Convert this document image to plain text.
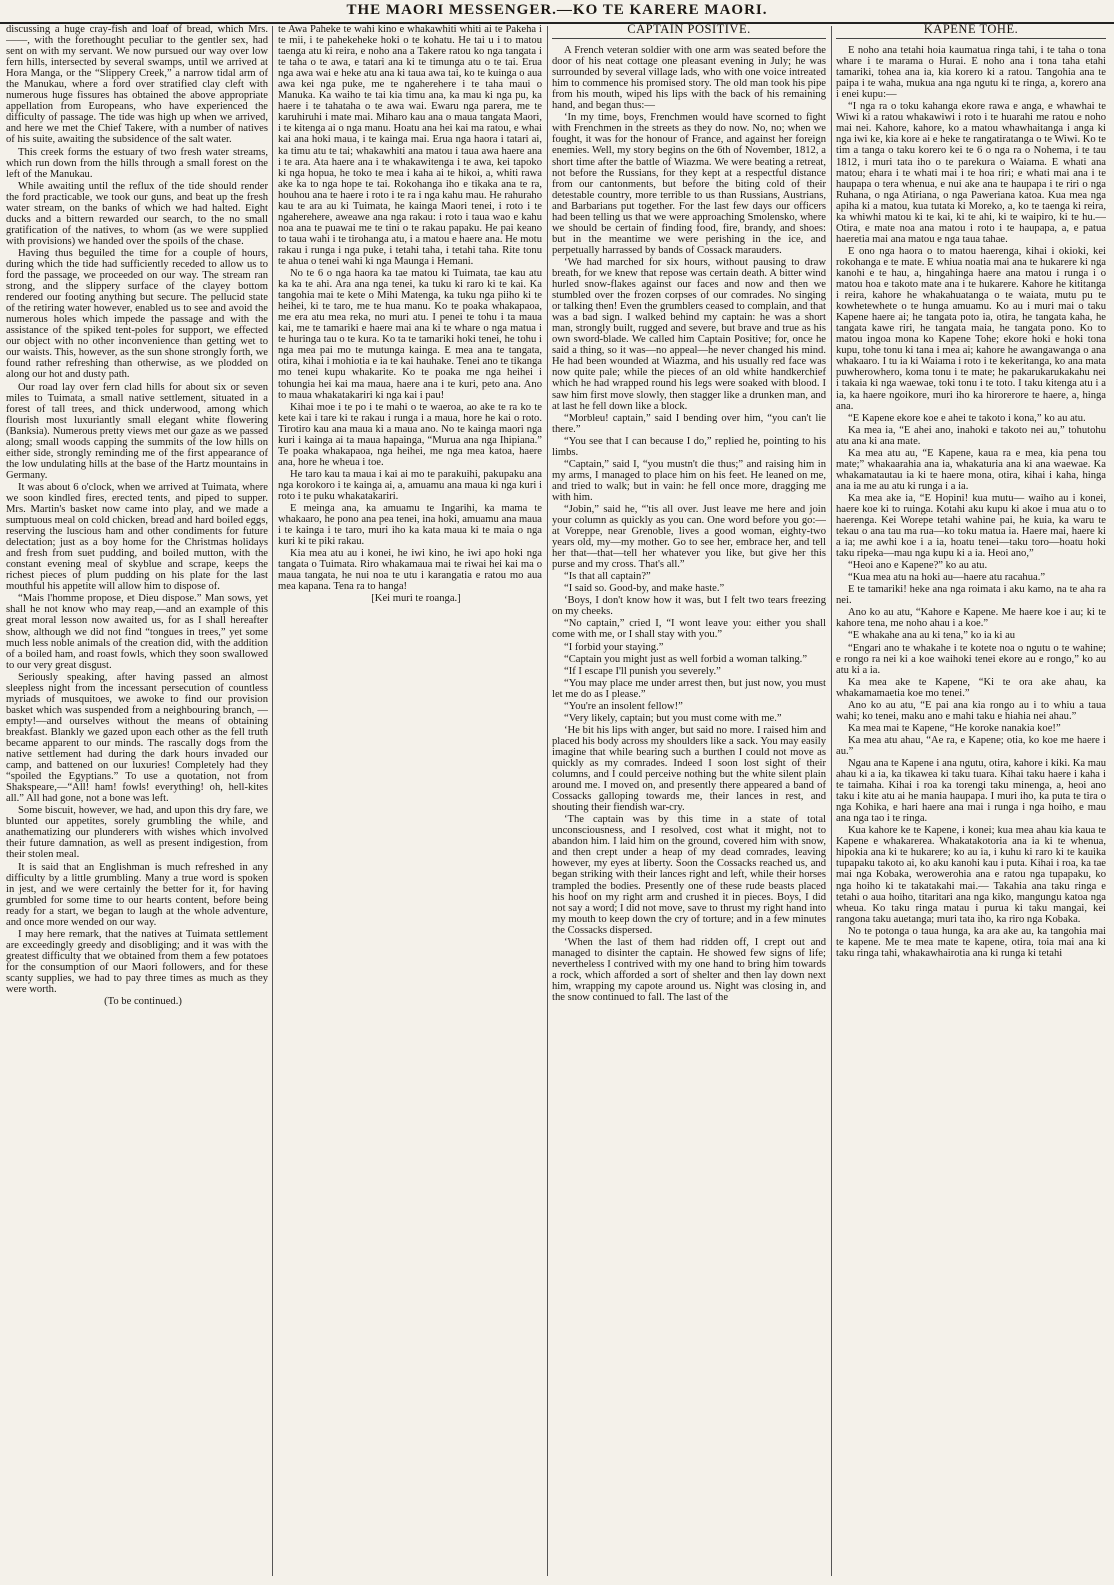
THE MAORI MESSENGER.—KO TE KARERE MAORI.

discussing a huge cray-fish and loaf of bread, which Mrs.——, with the forethought peculiar to the gentler sex, had sent on with my servant. We now pursued our way over low fern hills, intersected by several swamps, until we arrived at Hora Manga, or the “Slippery Creek,” a narrow tidal arm of the Manukau, where a ford over stratified clay cleft with numerous huge fissures has obtained the above appropriate appellation from Europeans, who have experienced the difficulty of passage. The tide was high up when we arrived, and here we met the Chief Takere, with a number of natives of his suite, awaiting the subsidence of the salt water.

This creek forms the estuary of two fresh water streams, which run down from the hills through a small forest on the left of the Manukau.

While awaiting until the reflux of the tide should render the ford practicable, we took our guns, and beat up the fresh water stream, on the banks of which we had halted. Eight ducks and a bittern rewarded our search, to the no small gratification of the natives, to whom (as we were supplied with provisions) we handed over the spoils of the chase.

Having thus beguiled the time for a couple of hours, during which the tide had sufficiently receded to allow us to ford the passage, we proceeded on our way. The stream ran strong, and the slippery surface of the clayey bottom rendered our footing anything but secure. The pellucid state of the retiring water however, enabled us to see and avoid the numerous holes which impede the passage and with the assistance of the spiked tent-poles for support, we effected our object with no other inconvenience than getting wet to our waists. This, however, as the sun shone strongly forth, we found rather refreshing than otherwise, as we plodded on along our hot and dusty path.

Our road lay over fern clad hills for about six or seven miles to Tuimata, a small native settlement, situated in a forest of tall trees, and thick underwood, among which flourish most luxuriantly small elegant white flowering (Banksia). Numerous pretty views met our gaze as we passed along; small woods capping the summits of the low hills on either side, strongly reminding me of the first appearance of the low undulating hills at the base of the Hartz mountains in Germany.

It was about 6 o'clock, when we arrived at Tuimata, where we soon kindled fires, erected tents, and piped to supper. Mrs. Martin's basket now came into play, and we made a sumptuous meal on cold chicken, bread and hard boiled eggs, reserving the luscious ham and other condiments for future delectation; just as a boy home for the Christmas holidays and fresh from suet pudding, and boiled mutton, with the constant evening meal of skyblue and scrape, keeps the richest pieces of plum pudding on his plate for the last mouthful his appetite will allow him to dispose of.

“Mais l'homme propose, et Dieu dispose.” Man sows, yet shall he not know who may reap,—and an example of this great moral lesson now awaited us, for as I shall hereafter show, although we did not find “tongues in trees,” yet some much less noble animals of the creation did, with the addition of a boiled ham, and roast fowls, which they soon swallowed to our very great disgust.

Seriously speaking, after having passed an almost sleepless night from the incessant persecution of countless myriads of musquitoes, we awoke to find our provision basket which was suspended from a neighbouring branch, —empty!—and ourselves without the means of obtaining breakfast. Blankly we gazed upon each other as the fell truth became apparent to our minds. The rascally dogs from the native settlement had during the dark hours invaded our camp, and battened on our luxuries! Completely had they “spoiled the Egyptians.” To use a quotation, not from Shakspeare,—“All! ham! fowls! everything! oh, hell-kites all.” All had gone, not a bone was left.

Some biscuit, however, we had, and upon this dry fare, we blunted our appetites, sorely grumbling the while, and anathematizing our plunderers with wishes which involved their future damnation, as well as present indigestion, from their stolen meal.

It is said that an Englishman is much refreshed in any difficulty by a little grumbling. Many a true word is spoken in jest, and we were certainly the better for it, for having grumbled for some time to our hearts content, before being ready for a start, we began to laugh at the whole adventure, and once more wended on our way.

I may here remark, that the natives at Tuimata settlement are exceedingly greedy and disobliging; and it was with the greatest difficulty that we obtained from them a few potatoes for the consumption of our Maori followers, and for these scanty supplies, we had to pay three times as much as they were worth.

(To be continued.)

te Awa Paheke te wahi kino e whakawhiti whiti ai te Pakeha i te mii, i te pahekeheke hoki o te kohatu. He tai u i to matou taenga atu ki reira, e noho ana a Takere ratou ko nga tangata i te taha o te awa, e tatari ana ki te timunga atu o te tai. Erua nga awa wai e heke atu ana ki taua awa tai, ko te kuinga o aua awa kei nga puke, me te ngaherehere i te taha maui o Manuka. Ka waiho te tai kia timu ana, ka mau ki nga pu, ka haere i te tahataha o te awa wai. Ewaru nga parera, me te karuhiruhi i mate mai. Miharo kau ana o maua tangata Maori, i te kitenga ai o nga manu. Hoatu ana hei kai ma ratou, e whai kai ana hoki maua, i te kainga mai. Erua nga haora i tatari ai, ka timu atu te tai; whakawhiti ana matou i taua awa haere ana i te ara. Ata haere ana i te whakawitenga i te awa, kei tapoko ki nga hopua, he toko te mea i kaha ai te hikoi, a, whiti rawa ake ka to nga hope te tai. Rokohanga iho e tikaka ana te ra, houhou ana te haere i roto i te ra i nga kahu mau. He rahuraho kau te ara au ki Tuimata, he kainga Maori tenei, i roto i te ngaherehere, aweawe ana nga rakau: i roto i taua wao e kahu noa ana te puawai me te tini o te rakau papaku. He pai keano to taua wahi i te tirohanga atu, i a matou e haere ana. He motu rakau i runga i nga puke, i tetahi taha, i tetahi taha. Rite tonu te ahua o tenei wahi ki nga Maunga i Hemani.

No te 6 o nga haora ka tae matou ki Tuimata, tae kau atu ka ka te ahi. Ara ana nga tenei, ka tuku ki raro ki te kai. Ka tangohia mai te kete o Mihi Matenga, ka tuku nga piiho ki te heihei, ki te taro, me te hua manu. Ko te poaka whakapaoa, me era atu mea reka, no muri atu. I penei te tohu i ta maua kai, me te tamariki e haere mai ana ki te whare o nga matua i te huringa tau o te kura. Ko ta te tamariki hoki tenei, he tohu i nga mea pai mo te mutunga kainga. E mea ana te tangata, otira, kihai i mohiotia e ia te kai hauhake. Tenei ano te tikanga mo tenei kupu whakarite. Ko te poaka me nga heihei i tohungia hei kai ma maua, haere ana i te kuri, peto ana. Ano to maua whakatakariri ki nga kai i pau!

Kihai moe i te po i te mahi o te waeroa, ao ake te ra ko te kete kai i tare ki te rakau i runga i a maua, hore he kai o roto. Tirotiro kau ana maua ki a maua ano. No te kainga maori nga kuri i kainga ai ta maua hapainga, “Murua ana nga Ihipiana.” Te poaka whakapaoa, nga heihei, me nga mea katoa, haere ana, hore he wheua i toe.

He taro kau ta maua i kai ai mo te parakuihi, pakupaku ana nga korokoro i te kainga ai, a, amuamu ana maua ki nga kuri i roto i te puku whakatakariri.

E meinga ana, ka amuamu te Ingarihi, ka mama te whakaaro, he pono ana pea tenei, ina hoki, amuamu ana maua i te kainga i te taro, muri iho ka kata maua ki te maia o nga kuri ki te piki rakau.

Kia mea atu au i konei, he iwi kino, he iwi apo hoki nga tangata o Tuimata. Riro whakamaua mai te riwai hei kai ma o maua tangata, he nui noa te utu i karangatia e ratou mo aua mea kapana. Tena ra to hanga!

[Kei muri te roanga.]

CAPTAIN POSITIVE.

A French veteran soldier with one arm was seated before the door of his neat cottage one pleasant evening in July; he was surrounded by several village lads, who with one voice intreated him to commence his promised story. The old man took his pipe from his mouth, wiped his lips with the back of his remaining hand, and began thus:—

‘In my time, boys, Frenchmen would have scorned to fight with Frenchmen in the streets as they do now. No, no; when we fought, it was for the honour of France, and against her foreign enemies. Well, my story begins on the 6th of November, 1812, a short time after the battle of Wiazma. We were beating a retreat, not before the Russians, for they kept at a respectful distance from our cantonments, but before the biting cold of their detestable country, more terrible to us than Russians, Austrians, and Barbarians put together. For the last few days our officers had been telling us that we were approaching Smolensko, where we should be certain of finding food, fire, brandy, and shoes: but in the meantime we were perishing in the ice, and perpetually harrassed by bands of Cossack marauders.

‘We had marched for six hours, without pausing to draw breath, for we knew that repose was certain death. A bitter wind hurled snow-flakes against our faces and now and then we stumbled over the frozen corpses of our comrades. No singing or talking then! Even the grumblers ceased to complain, and that was a bad sign. I walked behind my captain: he was a short man, strongly built, rugged and severe, but brave and true as his own sword-blade. We called him Captain Positive; for, once he said a thing, so it was—no appeal—he never changed his mind. He had been wounded at Wiazma, and his usually red face was now quite pale; while the pieces of an old white handkerchief which he had wrapped round his legs were soaked with blood. I saw him first move slowly, then stagger like a drunken man, and at last he fell down like a block.

“Morbleu! captain,” said I bending over him, “you can't lie there.”

“You see that I can because I do,” replied he, pointing to his limbs.

“Captain,” said I, “you mustn't die thus;” and raising him in my arms, I managed to place him on his feet. He leaned on me, and tried to walk; but in vain: he fell once more, dragging me with him.

“Jobin,” said he, “'tis all over. Just leave me here and join your column as quickly as you can. One word before you go:—at Voreppe, near Grenoble, lives a good woman, eighty-two years old, my—my mother. Go to see her, embrace her, and tell her that—that—tell her whatever you like, but give her this purse and my cross. That's all.”

“Is that all captain?”

“I said so. Good-by, and make haste.”

‘Boys, I don't know how it was, but I felt two tears freezing on my cheeks.

“No captain,” cried I, “I wont leave you: either you shall come with me, or I shall stay with you.”

“I forbid your staying.”

“Captain you might just as well forbid a woman talking.”

“If I escape I'll punish you severely.”

“You may place me under arrest then, but just now, you must let me do as I please.”

“You're an insolent fellow!”

“Very likely, captain; but you must come with me.”

‘He bit his lips with anger, but said no more. I raised him and placed his body across my shoulders like a sack. You may easily imagine that while bearing such a burthen I could not move as quickly as my comrades. Indeed I soon lost sight of their columns, and I could perceive nothing but the white silent plain around me. I moved on, and presently there appeared a band of Cossacks galloping towards me, their lances in rest, and shouting their fiendish war-cry.

‘The captain was by this time in a state of total unconsciousness, and I resolved, cost what it might, not to abandon him. I laid him on the ground, covered him with snow, and then crept under a heap of my dead comrades, leaving however, my eyes at liberty. Soon the Cossacks reached us, and began striking with their lances right and left, while their horses trampled the bodies. Presently one of these rude beasts placed his hoof on my right arm and crushed it in pieces. Boys, I did not say a word; I did not move, save to thrust my right hand into my mouth to keep down the cry of torture; and in a few minutes the Cossacks dispersed.

‘When the last of them had ridden off, I crept out and managed to disinter the captain. He showed few signs of life; nevertheless I contrived with my one hand to bring him towards a rock, which afforded a sort of shelter and then lay down next him, wrapping my capote around us. Night was closing in, and the snow continued to fall. The last of the

KAPENE TOHE.

E noho ana tetahi hoia kaumatua ringa tahi, i te taha o tona whare i te marama o Hurai. E noho ana i tona taha etahi tamariki, tohea ana ia, kia korero ki a ratou. Tangohia ana te paipa i te waha, mukua ana nga ngutu ki te ringa, a, korero ana i enei kupu:—

“I nga ra o toku kahanga ekore rawa e anga, e whawhai te Wiwi ki a ratou whakawiwi i roto i te huarahi me ratou e noho mai nei. Kahore, kahore, ko a matou whawhaitanga i anga ki nga iwi ke, kia kore ai e heke te rangatiratanga o te Wiwi. Ko te tim a tanga o taku korero kei te 6 o nga ra o Nohema, i te tau 1812, i muri tata iho o te parekura o Waiama. E whati ana matou; ehara i te whati mai i te hoa riri; e whati mai ana i te haupapa o tera whenua, e nui ake ana te haupapa i te riri o nga Ruhana, o nga Atiriana, o nga Paweriana katoa. Kua mea nga apiha ki a matou, kua tutata ki Moreko, a, ko te taenga ki reira, ka whiwhi matou ki te kai, ki te ahi, ki te waipiro, ki te hu.— Otira, e mate noa ana matou i roto i te haupapa, a, e patua haeretia mai ana matou e nga taua tahae.

E ono nga haora o to matou haerenga, kihai i okioki, kei rokohanga e te mate. E whiua noatia mai ana te hukarere ki nga kanohi e te hau, a, hingahinga haere ana matou i runga i o matou hoa e takoto mate ana i te hukarere. Kahore he kititanga i reira, kahore he whakahuatanga o te waiata, mutu pu te kowhetewhete o te hunga amuamu. Ko au i muri mai o taku Kapene haere ai; he tangata poto ia, otira, he tangata kaha, he tangata kawe riri, he tangata maia, he tangata pono. Ko to matou ingoa mona ko Kapene Tohe; ekore hoki e hoki tona kupu, tohe tonu ki tana i mea ai; kahore he awangawanga o ana whakaaro. I tu ia ki Waiama i roto i te kekeritanga, ko ana mata puwherowhero, koma tonu i te mate; he pakarukarukakahu nei i takaia ki nga waewae, toki tonu i te toto. I taku kitenga atu i a ia, ka haere ngoikore, muri iho ka hirorerore te haere, a, hinga ana.

“E Kapene ekore koe e ahei te takoto i kona,” ko au atu.

Ka mea ia, “E ahei ano, inahoki e takoto nei au,” tohutohu atu ana ki ana mate.

Ka mea atu au, “E Kapene, kaua ra e mea, kia pena tou mate;” whakaarahia ana ia, whakaturia ana ki ana waewae. Ka whakamatautau ia ki te haere mona, otira, kihai i kaha, hinga ana ia me au atu ki runga i a ia.

Ka mea ake ia, “E Hopini! kua mutu— waiho au i konei, haere koe ki to ruinga. Kotahi aku kupu ki akoe i mua atu o to haerenga. Kei Worepe tetahi wahine pai, he kuia, ka waru te tekau o ana tau ma rua—ko toku matua ia. Haere mai, haere ki a ia; me awhi koe i a ia, hoatu tenei—taku toro—hoatu hoki taku ripeka—mau nga kupu ki a ia. Heoi ano,”

“Heoi ano e Kapene?” ko au atu.

“Kua mea atu na hoki au—haere atu racahua.”

E te tamariki! heke ana nga roimata i aku kamo, na te aha ra nei.

Ano ko au atu, “Kahore e Kapene. Me haere koe i au; ki te kahore tena, me noho ahau i a koe.”

“E whakahe ana au ki tena,” ko ia ki au

“Engari ano te whakahe i te kotete noa o ngutu o te wahine; e rongo ra nei ki a koe waihoki tenei ekore au e rongo,” ko au atu ki a ia.

Ka mea ake te Kapene, “Ki te ora ake ahau, ka whakamamaetia koe mo tenei.”

Ano ko au atu, “E pai ana kia rongo au i to whiu a taua wahi; ko tenei, maku ano e mahi taku e hiahia nei ahau.”

Ka mea mai te Kapene, “He koroke nanakia koe!”

Ka mea atu ahau, “Ae ra, e Kapene; otia, ko koe me haere i au.”

Ngau ana te Kapene i ana ngutu, otira, kahore i kiki. Ka mau ahau ki a ia, ka tikawea ki taku tuara. Kihai taku haere i kaha i te taimaha. Kihai i roa ka torengi taku minenga, a, heoi ano taku i kite atu ai he mania haupapa. I muri iho, ka puta te tira o nga Kohika, e hari haere ana mai i runga i nga hoiho, e mau ana nga tao i te ringa.

Kua kahore ke te Kapene, i konei; kua mea ahau kia kaua te Kapene e whakarerea. Whakatakotoria ana ia ki te whenua, hipokia ana ki te hukarere; ko au ia, i kuhu ki raro ki te kauika tupapaku takoto ai, ko aku kanohi kau i puta. Kihai i roa, ka tae mai nga Kobaka, werowerohia ana e ratou nga tupapaku, ko nga hoiho ki te takatakahi mai.— Takahia ana taku ringa e tetahi o aua hoiho, titaritari ana nga kiko, mangungu katoa nga wheua. Ko taku ringa matau i purua ki taku mangai, kei rangona taku auetanga; muri tata iho, ka riro nga Kobaka.

No te potonga o taua hunga, ka ara ake au, ka tangohia mai te kapene. Me te mea mate te kapene, otira, toia mai ana ki taku ringa tahi, whakawhairotia ana ki runga ki tetahi
